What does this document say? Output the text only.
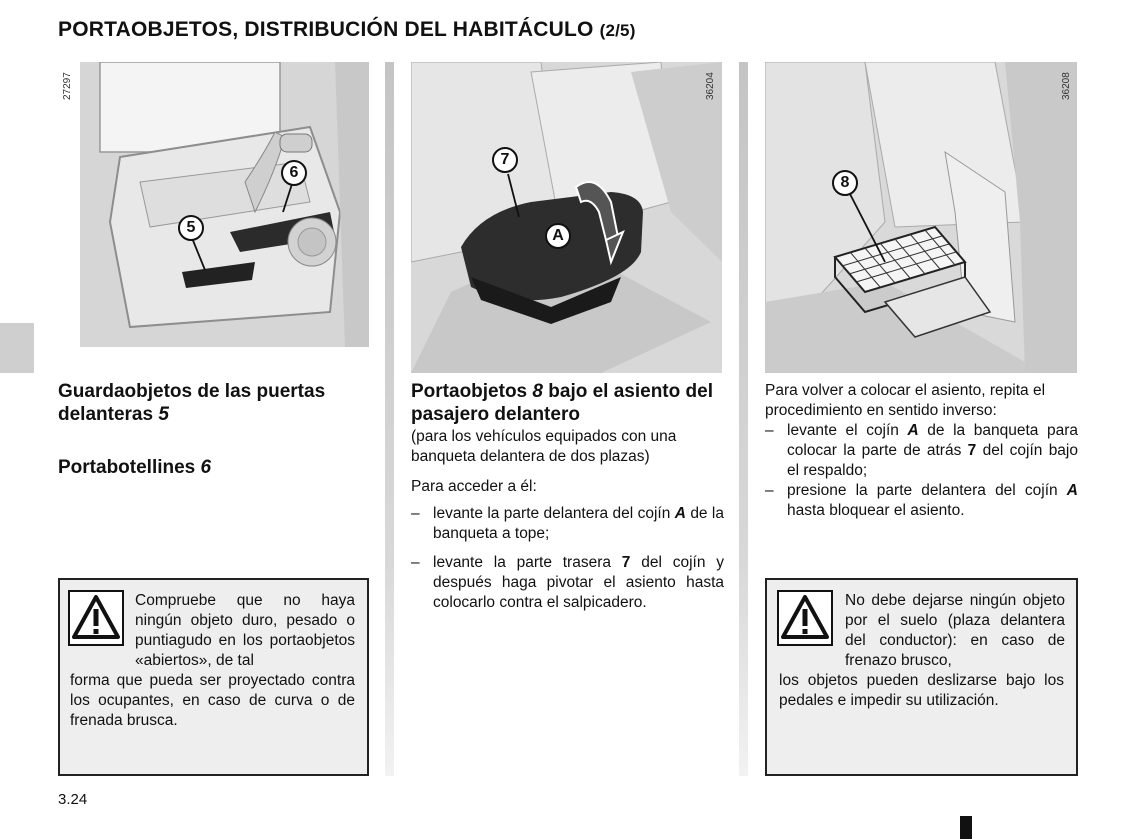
PORTAOBJETOS, DISTRIBUCIÓN DEL HABITÁCULO (2/5)
6
5
27297
7
A
36204
8
36208
Guardaobjetos de las puertas delanteras 5
Portabotellines 6
Compruebe que no haya ningún objeto duro, pesado o puntiagudo en los portaobjetos «abiertos», de tal
forma que pueda ser proyectado contra los ocupantes, en caso de curva o de frenada brusca.
Portaobjetos 8 bajo el asiento del pasajero delantero
(para los vehículos equipados con una banqueta delantera de dos plazas)
Para acceder a él:
– levante la parte delantera del cojín A de la banqueta a tope;
– levante la parte trasera 7 del cojín y después haga pivotar el asiento hasta colocarlo contra el salpicadero.
Para volver a colocar el asiento, repita el procedimiento en sentido inverso:
– levante el cojín A de la banqueta para colocar la parte de atrás 7 del cojín bajo el respaldo;
– presione la parte delantera del cojín A hasta bloquear el asiento.
No debe dejarse ningún objeto por el suelo (plaza delantera del conductor): en caso de frenazo brusco,
los objetos pueden deslizarse bajo los pedales e impedir su utilización.
3.24
